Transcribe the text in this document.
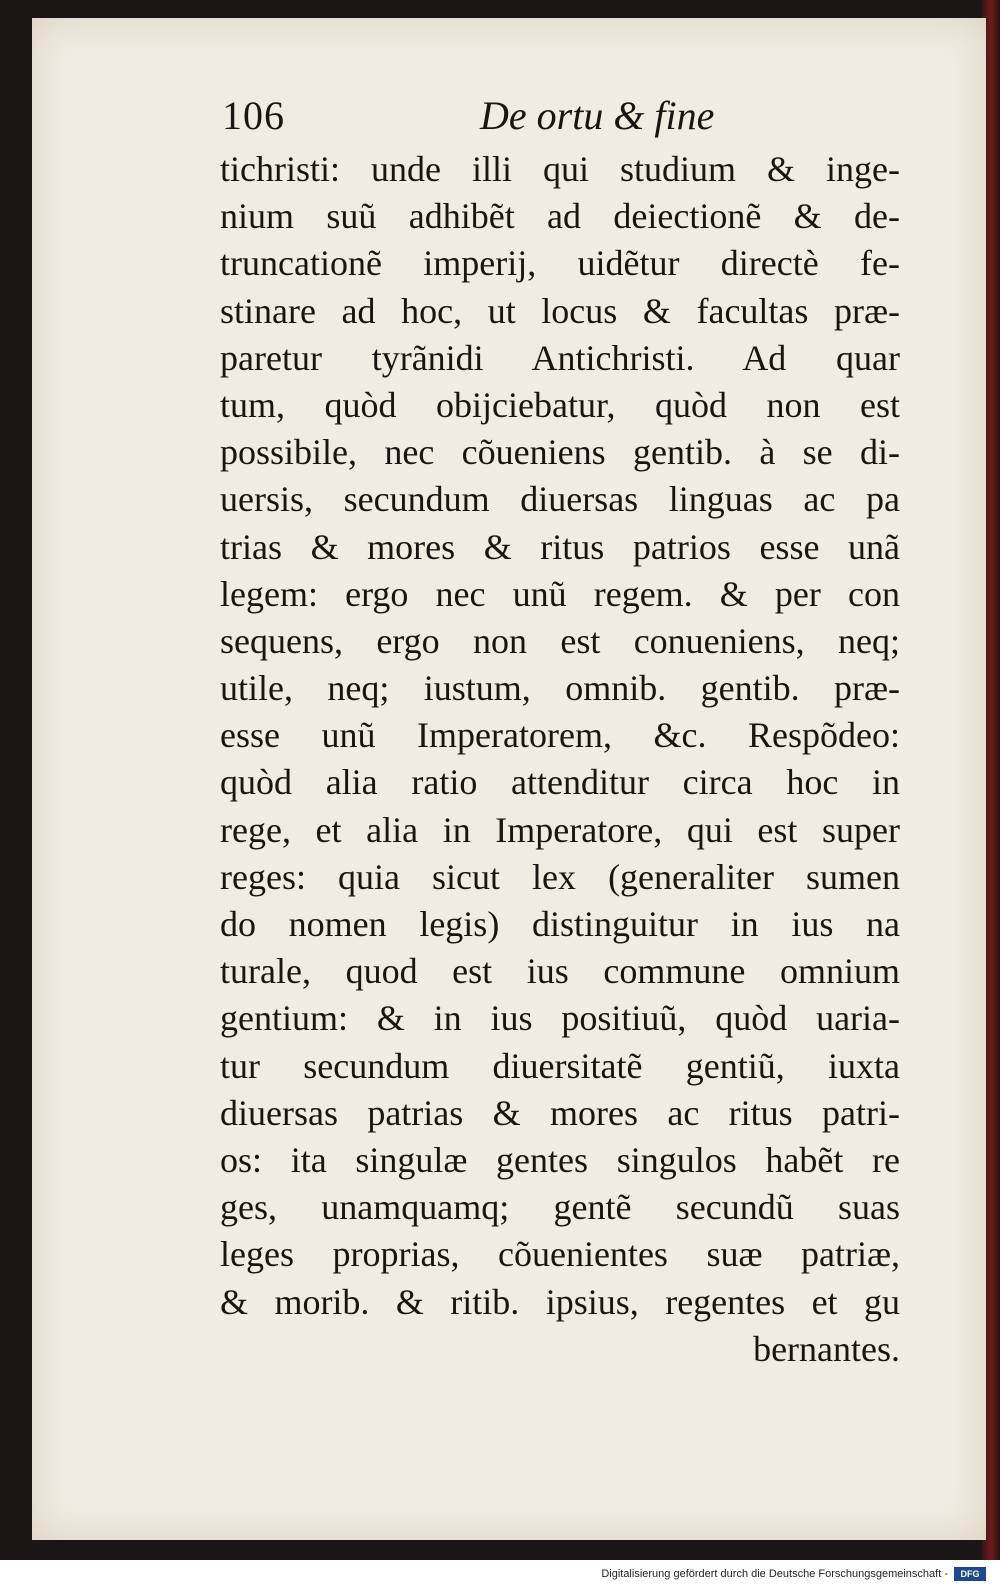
106	De ortu & fine
tichristi: unde illi qui studium & inge-
nium suũ adhibẽt ad deiectionẽ & de-
truncationẽ imperij, uidẽtur directè fe-
stinare ad hoc, ut locus & facultas præ-
paretur tyrãnidi Antichristi. Ad quar
tum, quòd obijciebatur, quòd non est
possibile, nec cõueniens gentib. à se di-
uersis, secundum diuersas linguas ac pa
trias & mores & ritus patrios esse unã
legem: ergo nec unũ regem. & per con
sequens, ergo non est conueniens, neq;
utile, neq; iustum, omnib. gentib. præ-
esse unũ Imperatorem, &c. Respõdeo:
quòd alia ratio attenditur circa hoc in
rege, et alia in Imperatore, qui est super
reges: quia sicut lex (generaliter sumen
do nomen legis) distinguitur in ius na
turale, quod est ius commune omnium
gentium: & in ius positiuũ, quòd uaria-
tur secundum diuersitatẽ gentiũ, iuxta
diuersas patrias & mores ac ritus patri-
os: ita singulæ gentes singulos habẽt re
ges, unamquamq; gentẽ secundũ suas
leges proprias, cõuenientes suæ patriæ,
& morib. & ritib. ipsius, regentes et gu
bernantes.
Digitalisierung gefördert durch die Deutsche Forschungsgemeinschaft -	DFG
